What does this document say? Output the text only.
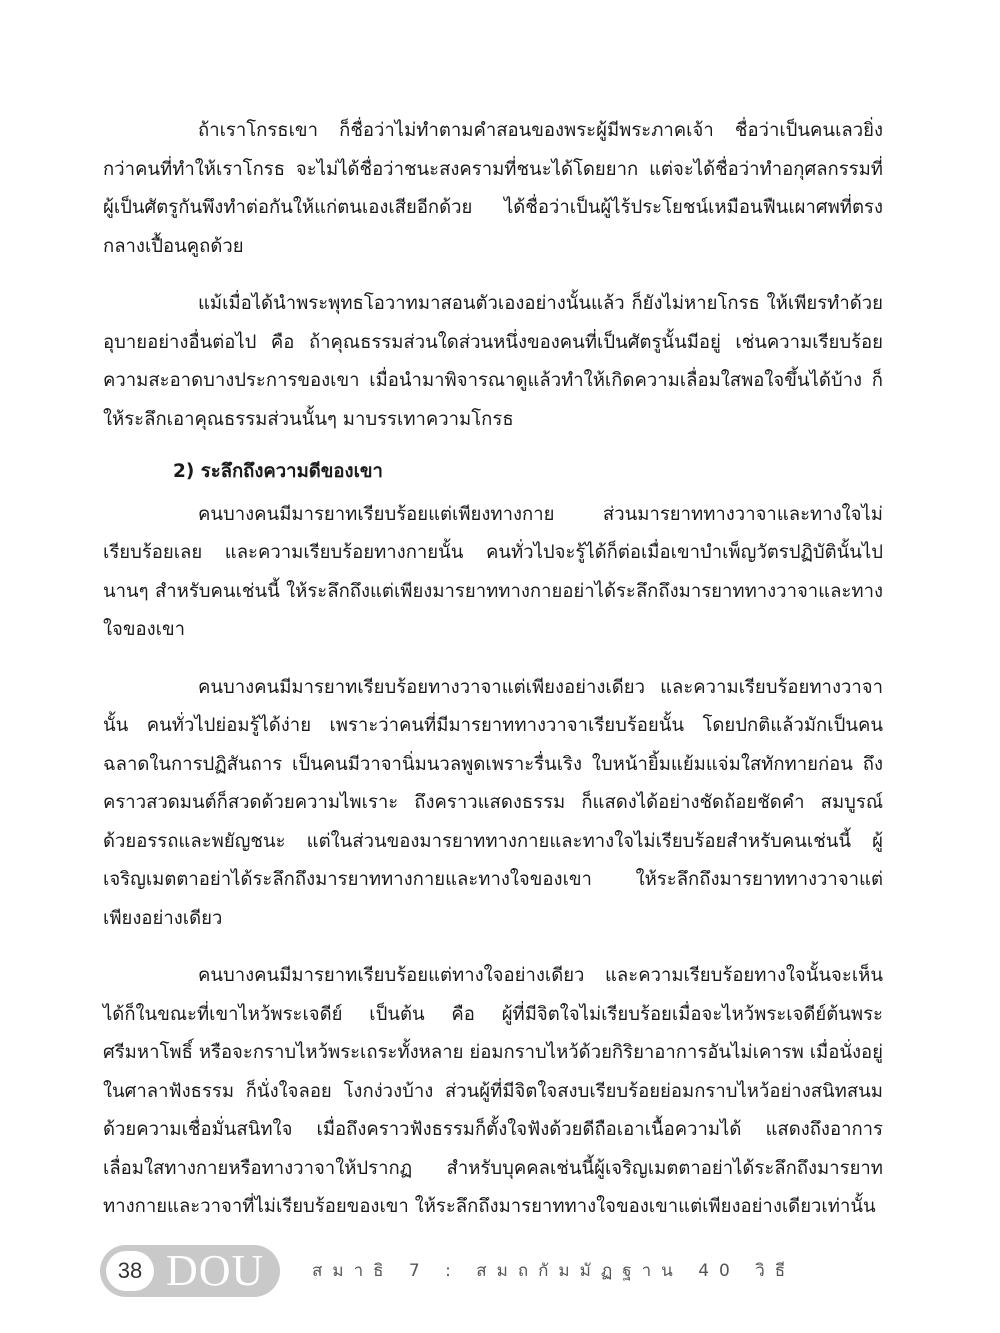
ถ้าเราโกรธเขา ก็ชื่อว่าไม่ทำตามคำสอนของพระผู้มีพระภาคเจ้า ชื่อว่าเป็นคนเลวยิ่งกว่าคนที่ทำให้เราโกรธ จะไม่ได้ชื่อว่าชนะสงครามที่ชนะได้โดยยาก แต่จะได้ชื่อว่าทำอกุศลกรรมที่ผู้เป็นศัตรูกันพึงทำต่อกันให้แก่ตนเองเสียอีกด้วย ได้ชื่อว่าเป็นผู้ไร้ประโยชน์เหมือนฟืนเผาศพที่ตรงกลางเปื้อนคูถด้วย

แม้เมื่อได้นำพระพุทธโอวาทมาสอนตัวเองอย่างนั้นแล้ว ก็ยังไม่หายโกรธ ให้เพียรทำด้วยอุบายอย่างอื่นต่อไป คือ ถ้าคุณธรรมส่วนใดส่วนหนึ่งของคนที่เป็นศัตรูนั้นมีอยู่ เช่นความเรียบร้อยความสะอาดบางประการของเขา เมื่อนำมาพิจารณาดูแล้วทำให้เกิดความเลื่อมใสพอใจขึ้นได้บ้าง ก็ให้ระลึกเอาคุณธรรมส่วนนั้นๆ มาบรรเทาความโกรธ

2) ระลึกถึงความดีของเขา

คนบางคนมีมารยาทเรียบร้อยแต่เพียงทางกาย ส่วนมารยาททางวาจาและทางใจไม่เรียบร้อยเลย และความเรียบร้อยทางกายนั้น คนทั่วไปจะรู้ได้ก็ต่อเมื่อเขาบำเพ็ญวัตรปฏิบัตินั้นไปนานๆ สำหรับคนเช่นนี้ ให้ระลึกถึงแต่เพียงมารยาททางกายอย่าได้ระลึกถึงมารยาททางวาจาและทางใจของเขา

คนบางคนมีมารยาทเรียบร้อยทางวาจาแต่เพียงอย่างเดียว และความเรียบร้อยทางวาจานั้น คนทั่วไปย่อมรู้ได้ง่าย เพราะว่าคนที่มีมารยาททางวาจาเรียบร้อยนั้น โดยปกติแล้วมักเป็นคนฉลาดในการปฏิสันถาร เป็นคนมีวาจานิ่มนวลพูดเพราะรื่นเริง ใบหน้ายิ้มแย้มแจ่มใสทักทายก่อน ถึงคราวสวดมนต์ก็สวดด้วยความไพเราะ ถึงคราวแสดงธรรม ก็แสดงได้อย่างชัดถ้อยชัดคำ สมบูรณ์ด้วยอรรถและพยัญชนะ แต่ในส่วนของมารยาททางกายและทางใจไม่เรียบร้อยสำหรับคนเช่นนี้ ผู้เจริญเมตตาอย่าได้ระลึกถึงมารยาททางกายและทางใจของเขา ให้ระลึกถึงมารยาททางวาจาแต่เพียงอย่างเดียว

คนบางคนมีมารยาทเรียบร้อยแต่ทางใจอย่างเดียว และความเรียบร้อยทางใจนั้นจะเห็นได้ก็ในขณะที่เขาไหว้พระเจดีย์ เป็นต้น คือ ผู้ที่มีจิตใจไม่เรียบร้อยเมื่อจะไหว้พระเจดีย์ต้นพระศรีมหาโพธิ์ หรือจะกราบไหว้พระเถระทั้งหลาย ย่อมกราบไหว้ด้วยกิริยาอาการอันไม่เคารพ เมื่อนั่งอยู่ในศาลาฟังธรรม ก็นั่งใจลอย โงกง่วงบ้าง ส่วนผู้ที่มีจิตใจสงบเรียบร้อยย่อมกราบไหว้อย่างสนิทสนมด้วยความเชื่อมั่นสนิทใจ เมื่อถึงคราวฟังธรรมก็ตั้งใจฟังด้วยดีถือเอาเนื้อความได้ แสดงถึงอาการเลื่อมใสทางกายหรือทางวาจาให้ปรากฏ สำหรับบุคคลเช่นนี้ผู้เจริญเมตตาอย่าได้ระลึกถึงมารยาททางกายและวาจาที่ไม่เรียบร้อยของเขา ให้ระลึกถึงมารยาททางใจของเขาแต่เพียงอย่างเดียวเท่านั้น

38 DOU	สมาธิ 7 : สมถกัมมัฏฐาน 40 วิธี
